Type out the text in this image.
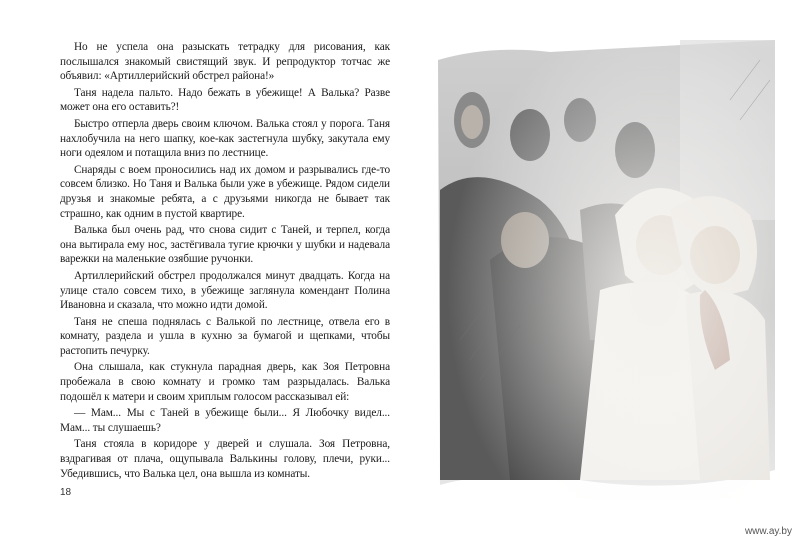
Но не успела она разыскать тетрадку для рисования, как послышался знакомый свистящий звук. И репродуктор тотчас же объявил: «Артиллерийский обстрел района!»

Таня надела пальто. Надо бежать в убежище! А Валька? Разве может она его оставить?!

Быстро отперла дверь своим ключом. Валька стоял у порога. Таня нахлобучила на него шапку, кое-как застегнула шубку, закутала ему ноги одеялом и потащила вниз по лестнице.

Снаряды с воем проносились над их домом и разрывались где-то совсем близко. Но Таня и Валька были уже в убежище. Рядом сидели друзья и знакомые ребята, а с друзьями никогда не бывает так страшно, как одним в пустой квартире.

Валька был очень рад, что снова сидит с Таней, и терпел, когда она вытирала ему нос, застёгивала тугие крючки у шубки и надевала варежки на маленькие озябшие ручонки.

Артиллерийский обстрел продолжался минут двадцать. Когда на улице стало совсем тихо, в убежище заглянула комендант Полина Ивановна и сказала, что можно идти домой.

Таня не спеша поднялась с Валькой по лестнице, отвела его в комнату, разделa и ушла в кухню за бумагой и щепками, чтобы растопить печурку.

Она слышала, как стукнула парадная дверь, как Зоя Петровна пробежала в свою комнату и громко там разрыдалась. Валька подошёл к матери и своим хриплым голосом рассказывал ей:

— Мам... Мы с Таней в убежище были... Я Любочку видел... Мам... ты слушаешь?

Таня стояла в коридоре у дверей и слушала. Зоя Петровна, вздрагивая от плача, ощупывала Валькины голову, плечи, руки... Убедившись, что Валька цел, она вышла из комнаты.

18
www.ay.by
